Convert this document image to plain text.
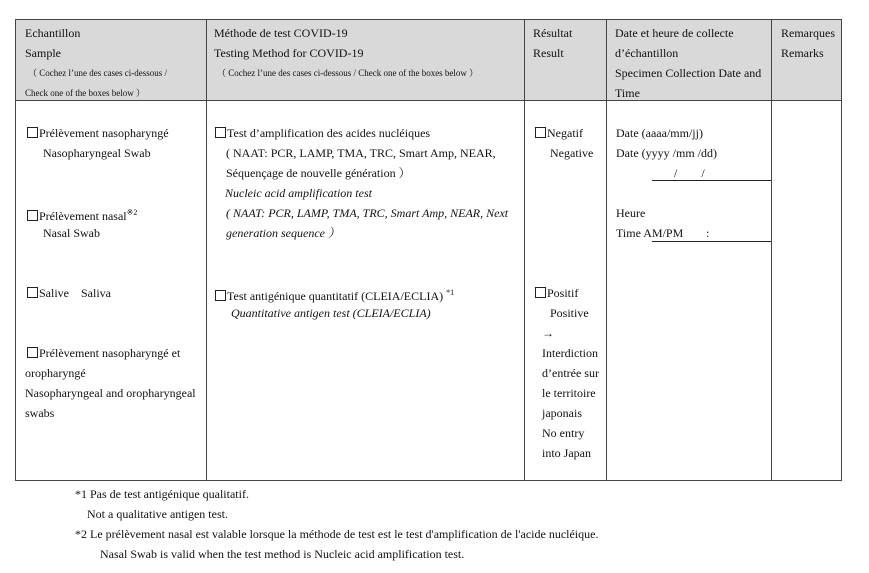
Echantillon
Sample
（ Cochez l’une des cases ci-dessous /
Check one of the boxes below ）
Méthode de test COVID-19
Testing Method for COVID-19
（ Cochez l’une des cases ci-dessous / Check one of the boxes below ）
Résultat
Result
Date et heure de collecte
d’échantillon
Specimen Collection Date and
Time
Remarques
Remarks
Prélèvement nasopharyngé
Nasopharyngeal Swab
Prélèvement nasal$^{※2}$
Nasal Swab
Salive　Saliva
Prélèvement nasopharyngé et
oropharyngé
Nasopharyngeal and oropharyngeal
swabs
Test d’amplification des acides nucléiques
( NAAT: PCR, LAMP, TMA, TRC, Smart Amp, NEAR,
Séquençage de nouvelle génération ）
Nucleic acid amplification test
( NAAT: PCR, LAMP, TMA, TRC, Smart Amp, NEAR, Next
generation sequence ）
Test antigénique quantitatif (CLEIA/ECLIA) $^{*1}$
Quantitative antigen test (CLEIA/ECLIA)
Negatif
Negative
Positif
Positive
→
Interdiction
d’entrée sur
le territoire
japonais
No entry
into Japan
Date (aaaa/mm/jj)
Date (yyyy /mm /dd)
/　　/
Heure
Time AM/PM :
*1 Pas de test antigénique qualitatif.
Not a qualitative antigen test.
*2 Le prélèvement nasal est valable lorsque la méthode de test est le test d'amplification de l'acide nucléique.
Nasal Swab is valid when the test method is Nucleic acid amplification test.
